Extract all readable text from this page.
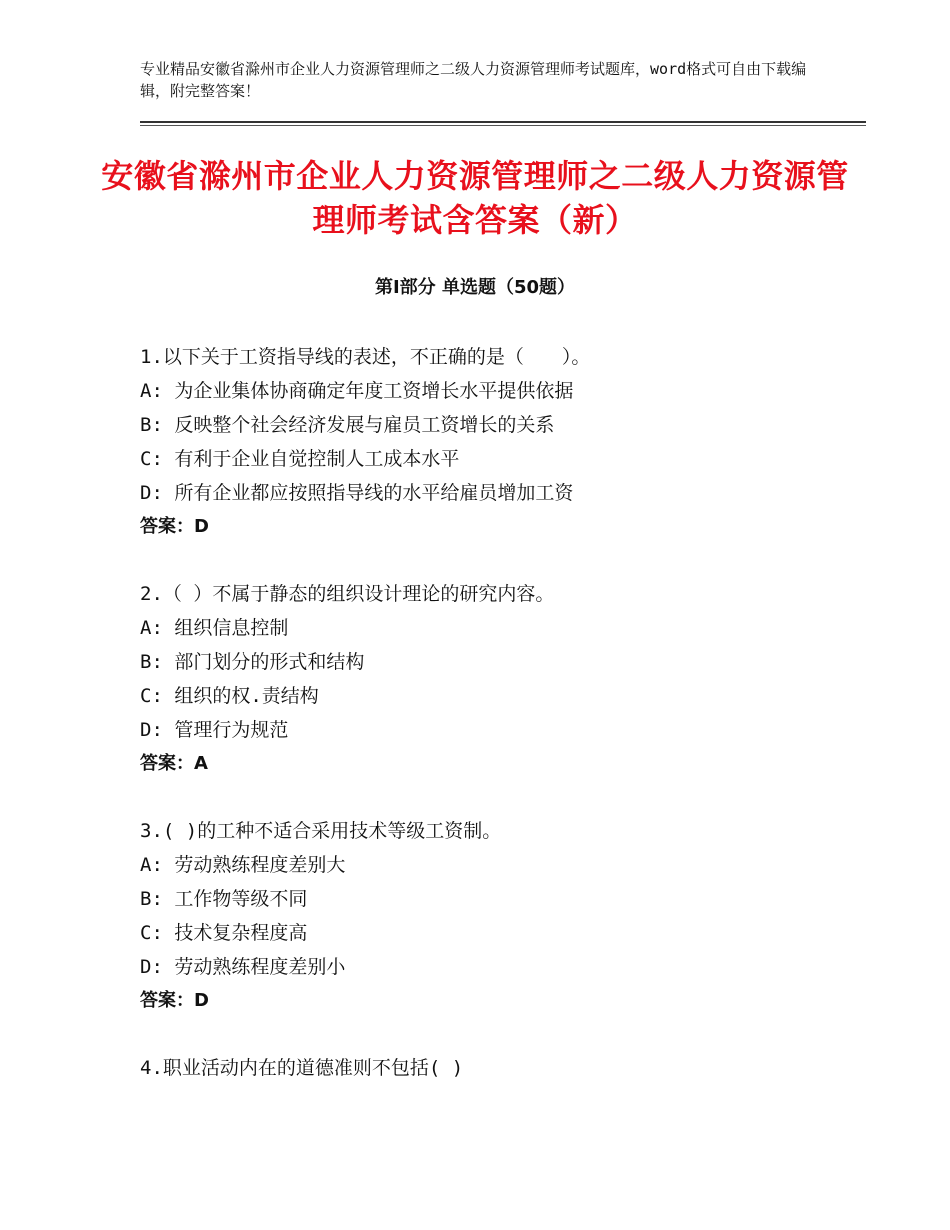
专业精品安徽省滁州市企业人力资源管理师之二级人力资源管理师考试题库，word格式可自由下载编辑，附完整答案！
安徽省滁州市企业人力资源管理师之二级人力资源管理师考试含答案（新）
第Ⅰ部分 单选题（50题）
1.以下关于工资指导线的表述，不正确的是（　　）。
A: 为企业集体协商确定年度工资增长水平提供依据
B: 反映整个社会经济发展与雇员工资增长的关系
C: 有利于企业自觉控制人工成本水平
D: 所有企业都应按照指导线的水平给雇员增加工资
答案：D
2.（ ）不属于静态的组织设计理论的研究内容。
A: 组织信息控制
B: 部门划分的形式和结构
C: 组织的权.责结构
D: 管理行为规范
答案：A
3.( )的工种不适合采用技术等级工资制。
A: 劳动熟练程度差别大
B: 工作物等级不同
C: 技术复杂程度高
D: 劳动熟练程度差别小
答案：D
4.职业活动内在的道德准则不包括( )
